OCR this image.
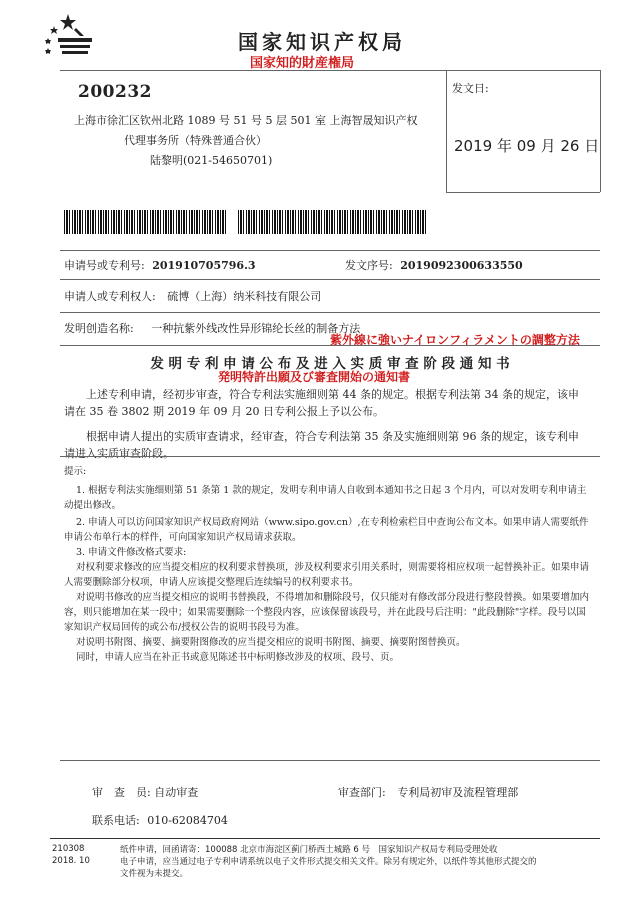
国家知识产权局
国家知的財産権局
200232
上海市徐汇区钦州北路 1089 号 51 号 5 层 501 室 上海智晟知识产权
代理事务所（特殊普通合伙）
陆黎明(021-54650701)
发文日:
2019 年 09 月 26 日
申请号或专利号: 201910705796.3	发文序号: 2019092300633550
申请人或专利权人: 硫博（上海）纳米科技有限公司
发明创造名称: 一种抗紫外线改性异形锦纶长丝的制备方法
紫外線に強いナイロンフィラメントの調整方法
发 明 专 利 申 请 公 布 及 进 入 实 质 审 查 阶 段 通 知 书
発明特許出願及び審査開始の通知書

上述专利申请，经初步审查，符合专利法实施细则第 44 条的规定。根据专利法第 34 条的规定，该申请在 35 卷 3802 期 2019 年 09 月 20 日专利公报上予以公布。

根据申请人提出的实质审查请求，经审查，符合专利法第 35 条及实施细则第 96 条的规定，该专利申请进入实质审查阶段。

提示:

1. 根据专利法实施细则第 51 条第 1 款的规定，发明专利申请人自收到本通知书之日起 3 个月内，可以对发明专利申请主动提出修改。

2. 申请人可以访问国家知识产权局政府网站（www.sipo.gov.cn）,在专利检索栏目中查询公布文本。如果申请人需要纸件申请公布单行本的样件，可向国家知识产权局请求获取。

3. 申请文件修改格式要求:

对权利要求修改的应当提交相应的权利要求替换项，涉及权利要求引用关系时，则需要将相应权项一起替换补正。如果申请人需要删除部分权项，申请人应该提交整理后连续编号的权利要求书。

对说明书修改的应当提交相应的说明书替换段，不得增加和删除段号，仅只能对有修改部分段进行整段替换。如果要增加内容，则只能增加在某一段中；如果需要删除一个整段内容，应该保留该段号，并在此段号后注明："此段删除"字样。段号以国家知识产权局回传的或公布/授权公告的说明书段号为准。

对说明书附图、摘要、摘要附图修改的应当提交相应的说明书附图、摘要、摘要附图替换页。

同时，申请人应当在补正书或意见陈述书中标明修改涉及的权项、段号、页。

审　查　员: 自动审查	审查部门: 专利局初审及流程管理部
联系电话: 010-62084704
210308
2018. 10
纸件申请，回函请寄：100088 北京市海淀区蓟门桥西土城路 6 号　国家知识产权局专利局受理处收
电子申请，应当通过电子专利申请系统以电子文件形式提交相关文件。除另有规定外，以纸件等其他形式提交的
文件视为未提交。
